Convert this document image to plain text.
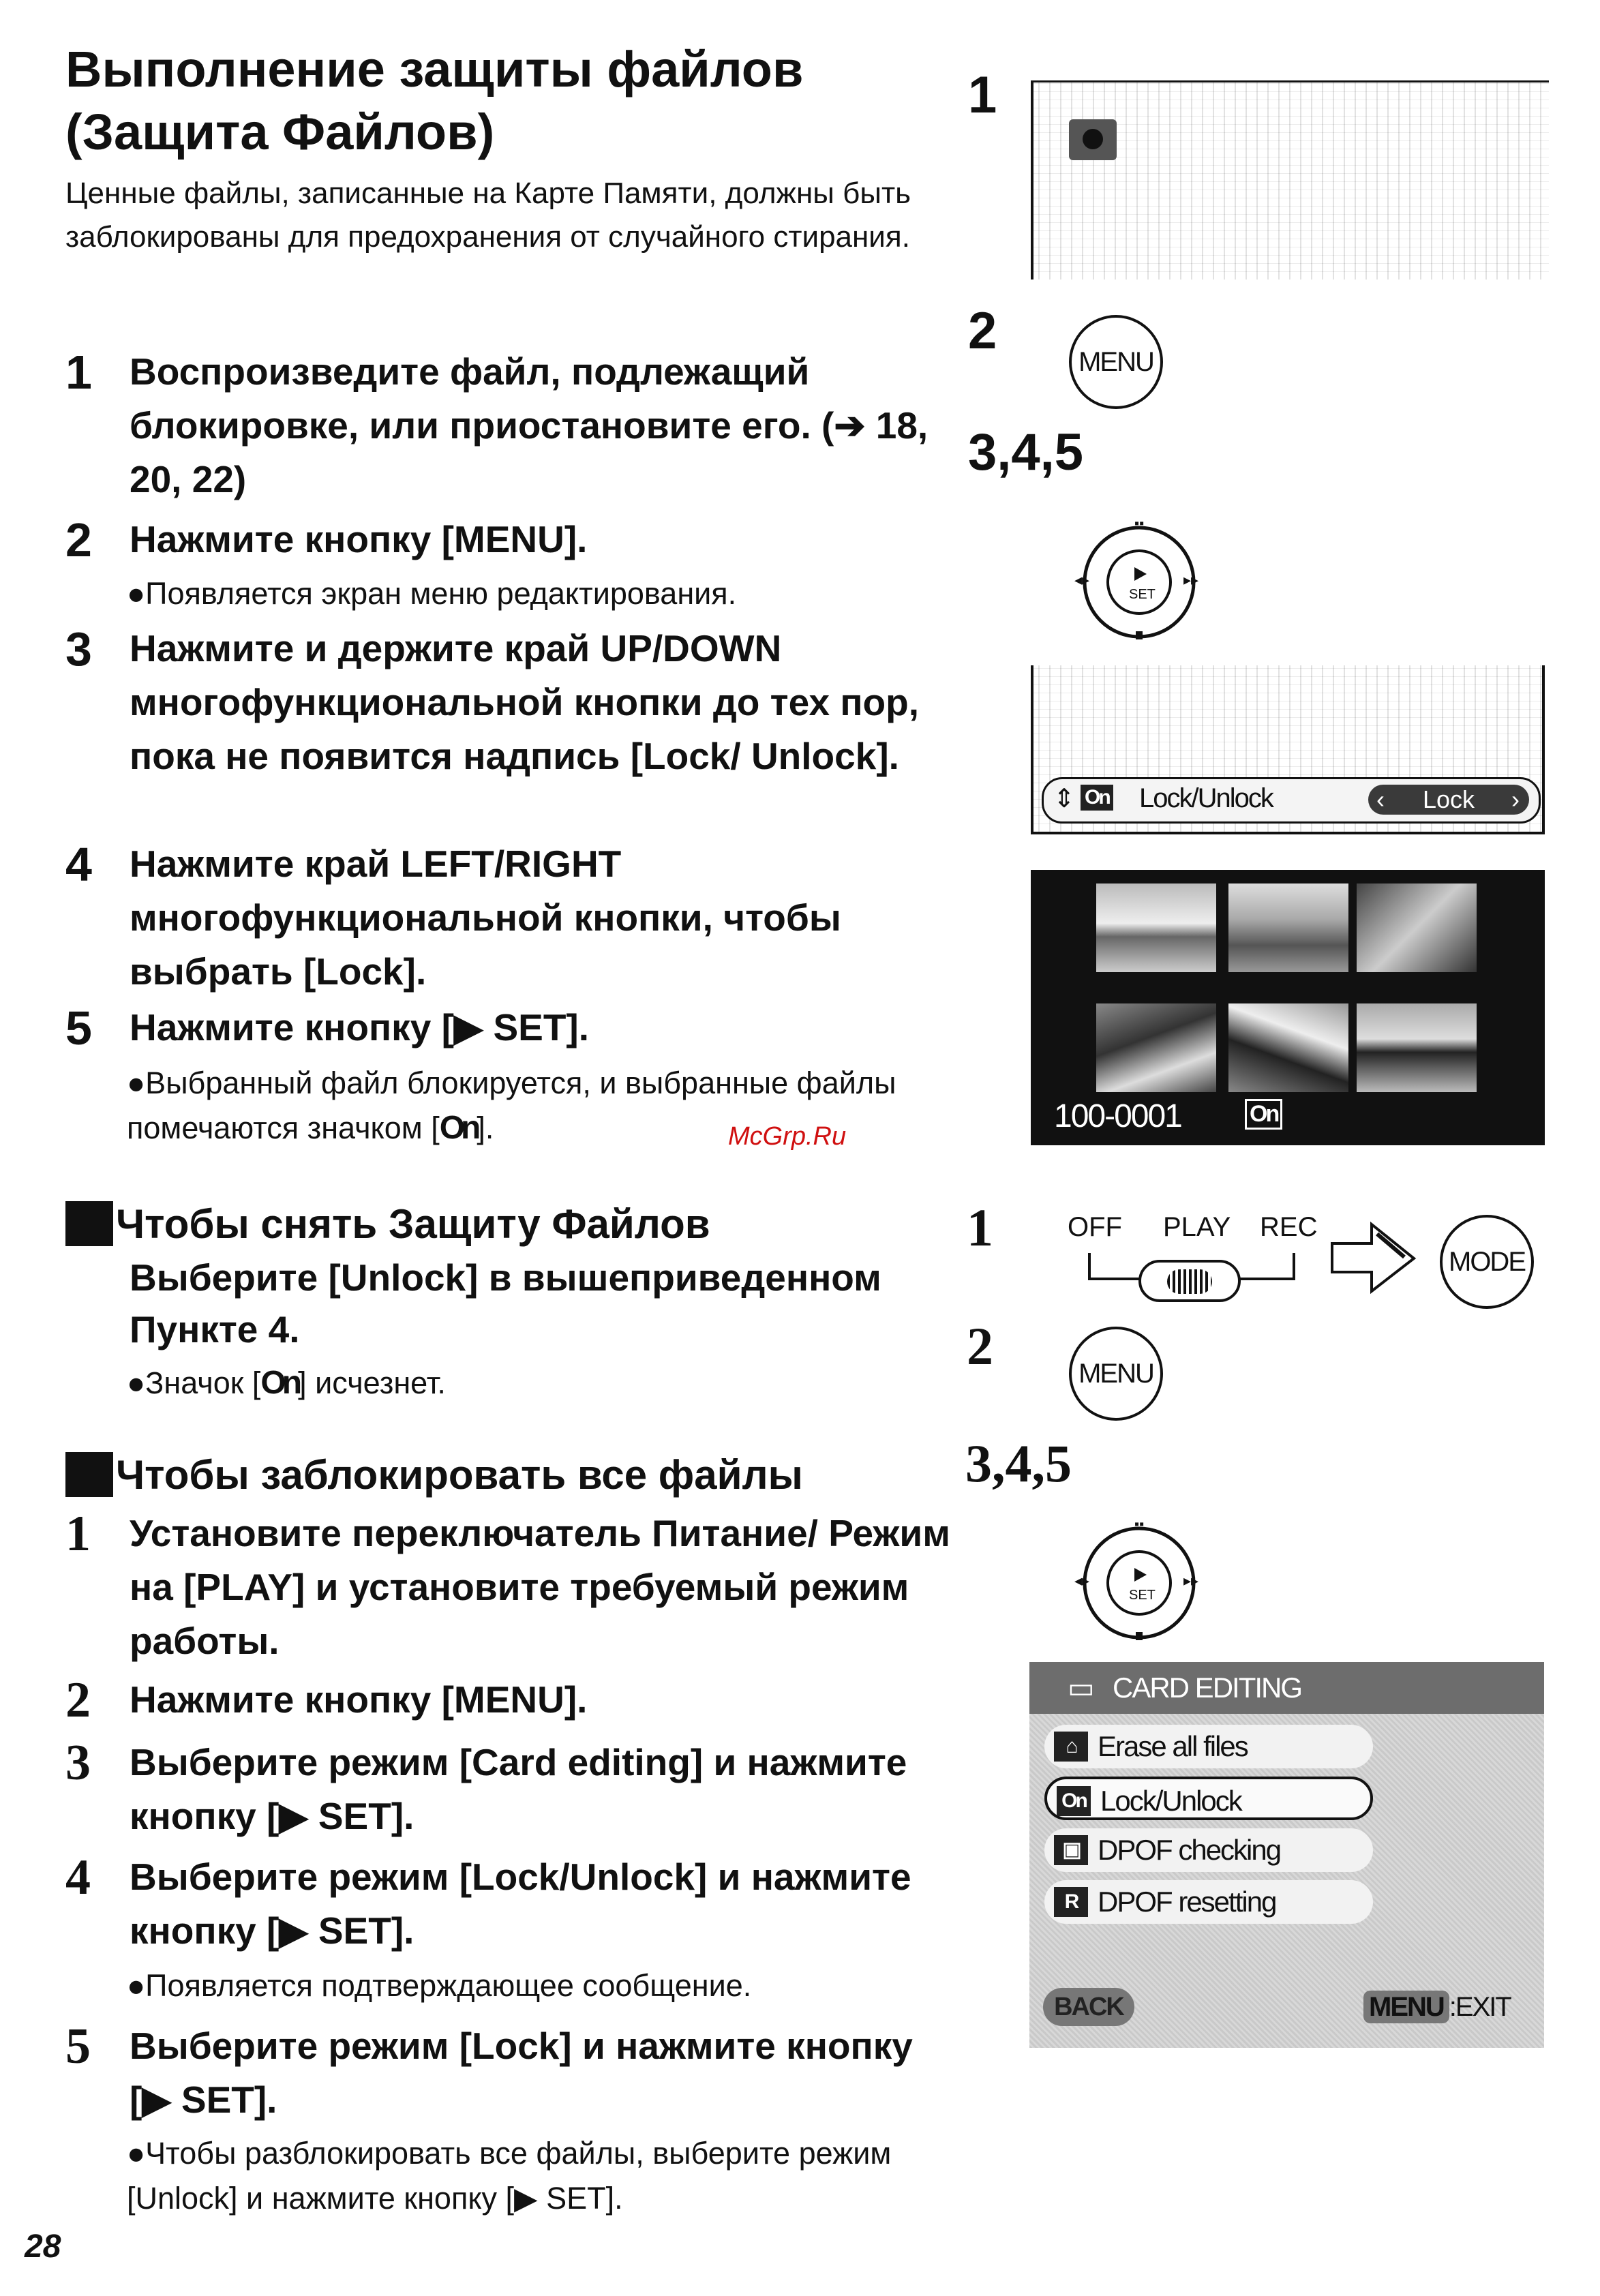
Выполнение защиты файлов
(Защита Файлов)

Ценные файлы, записанные на Карте Памяти, должны быть заблокированы для предохранения от случайного стирания.

1 Воспроизведите файл, подлежащий блокировке, или приостановите его. (➔ 18, 20, 22)
2 Нажмите кнопку [MENU].
●Появляется экран меню редактирования.
3 Нажмите и держите край UP/DOWN многофункциональной кнопки до тех пор, пока не появится надпись [Lock/ Unlock].
4 Нажмите край LEFT/RIGHT многофункциональной кнопки, чтобы выбрать [Lock].
5 Нажмите кнопку [▶ SET].
●Выбранный файл блокируется, и выбранные файлы помечаются значком [On].	McGrp.Ru
Чтобы снять Защиту Файлов
Выберите [Unlock] в вышеприведенном Пункте 4.
●Значок [On] исчезнет.
Чтобы заблокировать все файлы
1 Установите переключатель Питание/ Режим на [PLAY] и установите требуемый режим работы.
2 Нажмите кнопку [MENU].
3 Выберите режим [Card editing] и нажмите кнопку [▶ SET].
4 Выберите режим [Lock/Unlock] и нажмите кнопку [▶ SET].
●Появляется подтверждающее сообщение.
5 Выберите режим [Lock] и нажмите кнопку [▶ SET].
●Чтобы разблокировать все файлы, выберите режим [Unlock] и нажмите кнопку [▶ SET].
28
1
2
MENU
3,4,5
SET
▪▪
◂▸	▸▸
⇕ On Lock/Unlock	‹ Lock ›
100-0001	On
1	OFF PLAY REC
MODE
2	MENU
3,4,5
SET
▪▪
◂▸	▸▸
▭ CARD EDITING
⌂ Erase all files
On Lock/Unlock
▣ DPOF checking
R DPOF resetting
BACK	MENU :EXIT
